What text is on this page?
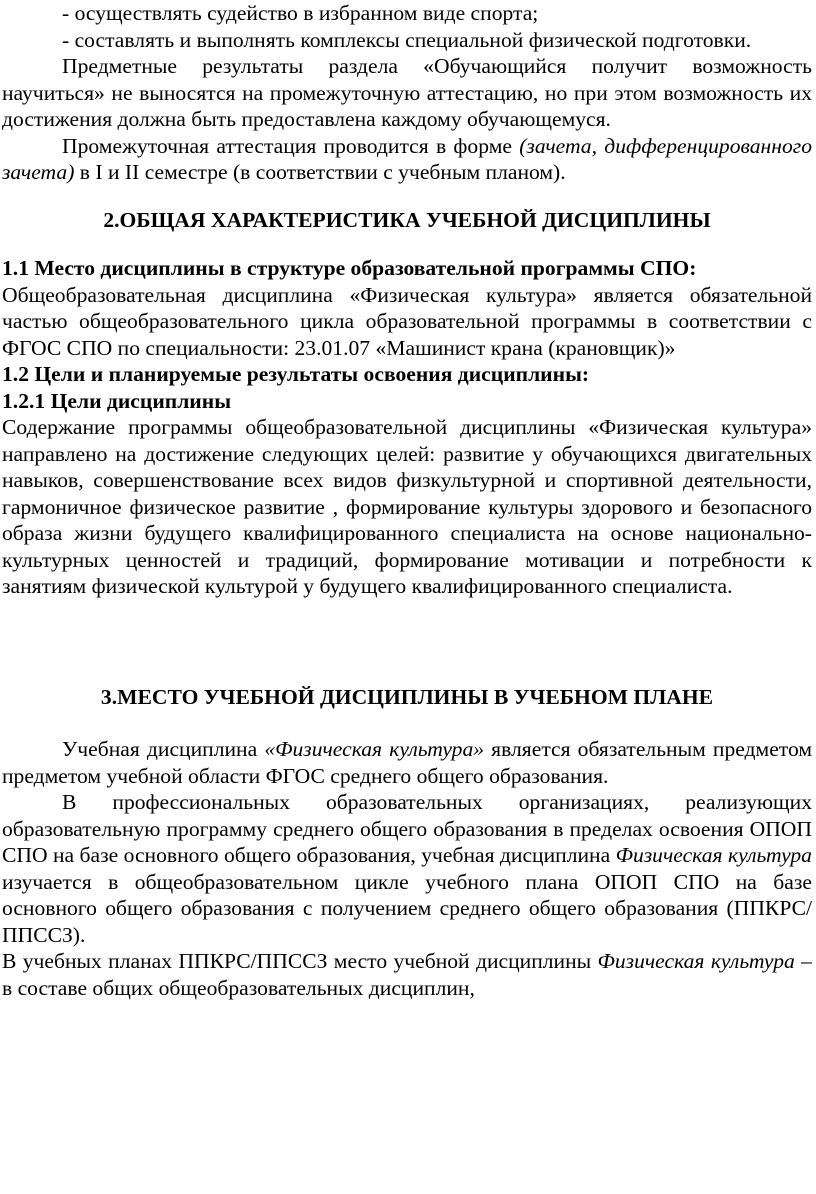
- осуществлять судейство в избранном виде спорта;

- составлять и выполнять комплексы специальной физической подготовки.

Предметные результаты раздела «Обучающийся получит возможность научиться» не выносятся на промежуточную аттестацию, но при этом возможность их достижения должна быть предоставлена каждому обучающемуся.

Промежуточная аттестация проводится в форме (зачета, дифференцированного зачета) в I и II семестре (в соответствии с учебным планом).

2.ОБЩАЯ ХАРАКТЕРИСТИКА УЧЕБНОЙ ДИСЦИПЛИНЫ

1.1 Место дисциплины в структуре образовательной программы СПО:

Общеобразовательная дисциплина «Физическая культура» является обязательной частью общеобразовательного цикла образовательной программы в соответствии с ФГОС СПО по специальности: 23.01.07 «Машинист крана (крановщик)»

1.2 Цели и планируемые результаты освоения дисциплины:

1.2.1 Цели дисциплины

Содержание программы общеобразовательной дисциплины «Физическая культура» направлено на достижение следующих целей: развитие у обучающихся двигательных навыков, совершенствование всех видов физкультурной и спортивной деятельности, гармоничное физическое развитие , формирование культуры здорового и безопасного образа жизни будущего квалифицированного специалиста на основе национально- культурных ценностей и традиций, формирование мотивации и потребности к занятиям физической культурой у будущего квалифицированного специалиста.

3.МЕСТО УЧЕБНОЙ ДИСЦИПЛИНЫ В УЧЕБНОМ ПЛАНЕ

Учебная дисциплина «Физическая культура» является обязательным предметом предметом учебной области ФГОС среднего общего образования.

В профессиональных образовательных организациях, реализующих образовательную программу среднего общего образования в пределах освоения ОПОП СПО на базе основного общего образования, учебная дисциплина Физическая культура изучается в общеобразовательном цикле учебного плана ОПОП СПО на базе основного общего образования с получением среднего общего образования (ППКРС/ППССЗ).

В учебных планах ППКРС/ППССЗ место учебной дисциплины Физическая культура – в составе общих общеобразовательных дисциплин,
